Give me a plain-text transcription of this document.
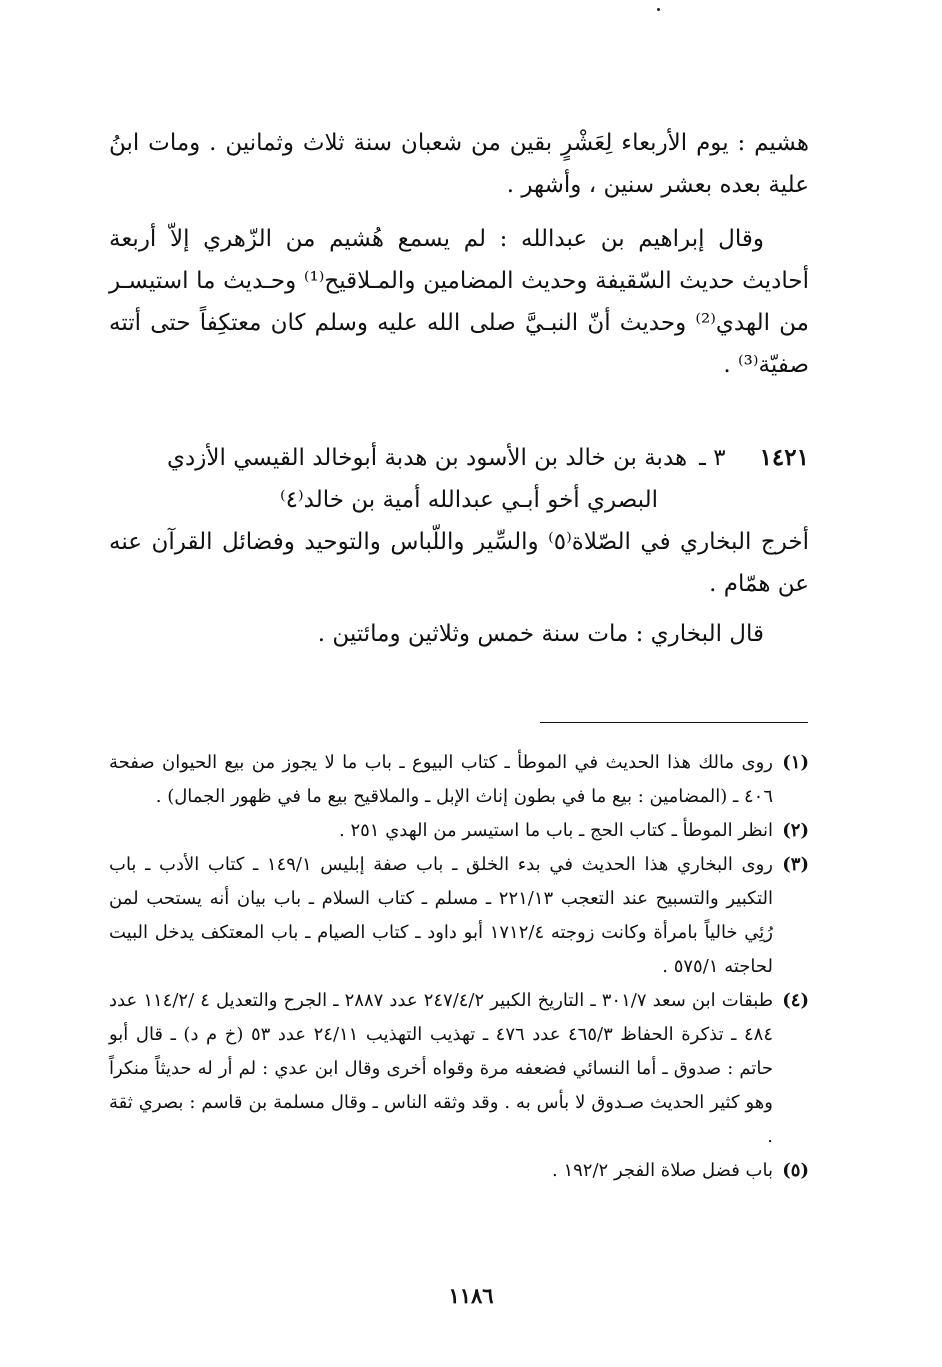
هشيم : يوم الأربعاء لِعَشْرٍ بقين من شعبان سنة ثلاث وثمانين . ومات ابنُ علية بعده بعشر سنين ، وأشهر .

وقال إبراهيم بن عبدالله : لم يسمع هُشيم من الزّهري إلاّ أربعة أحاديث حديث السّقيفة وحديث المضامين والمـلاقيح⁽¹⁾ وحـديث ما استيسـر من الهدي⁽²⁾ وحديث أنّ النبـيَّ صلى الله عليه وسلم كان معتكِفاً حتى أتته صفيّة⁽³⁾ .

١٤٢١٣ ـهدبة بن خالد بن الأسود بن هدبة أبوخالد القيسي الأزدي
البصري أخو أبـي عبدالله أمية بن خالد⁽٤⁾

أخرج البخاري في الصّلاة⁽٥⁾ والسِّير واللّباس والتوحيد وفضائل القرآن عنه عن همّام .

قال البخاري : مات سنة خمس وثلاثين ومائتين .

(١)
روى مالك هذا الحديث في الموطأ ـ كتاب البيوع ـ باب ما لا يجوز من بيع الحيوان صفحة ٤٠٦ ـ (المضامين : بيع ما في بطون إناث الإبل ـ والملاقيح بيع ما في ظهور الجمال) .

(٢)
انظر الموطأ ـ كتاب الحج ـ باب ما استيسر من الهدي ٢٥١ .

(٣)
روى البخاري هذا الحديث في بدء الخلق ـ باب صفة إبليس ١٤٩/١ ـ كتاب الأدب ـ باب التكبير والتسبيح عند التعجب ٢٢١/١٣ ـ مسلم ـ كتاب السلام ـ باب بيان أنه يستحب لمن رُئِي خالياً بامرأة وكانت زوجته ١٧١٢/٤ أبو داود ـ كتاب الصيام ـ باب المعتكف يدخل البيت لحاجته ٥٧٥/١ .

(٤)
طبقات ابن سعد ٣٠١/٧ ـ التاريخ الكبير ٢٤٧/٤/٢ عدد ٢٨٨٧ ـ الجرح والتعديل ٤ /١١٤/٢ عدد ٤٨٤ ـ تذكرة الحفاظ ٤٦٥/٣ عدد ٤٧٦ ـ تهذيب التهذيب ٢٤/١١ عدد ٥٣ (خ م د) ـ قال أبو حاتم : صدوق ـ أما النسائي فضعفه مرة وقواه أخرى وقال ابن عدي : لم أر له حديثاً منكراً وهو كثير الحديث صـدوق لا بأس به . وقد وثقه الناس ـ وقال مسلمة بن قاسم : بصري ثقة .

(٥)
باب فضل صلاة الفجر ١٩٢/٢ .

١١٨٦
